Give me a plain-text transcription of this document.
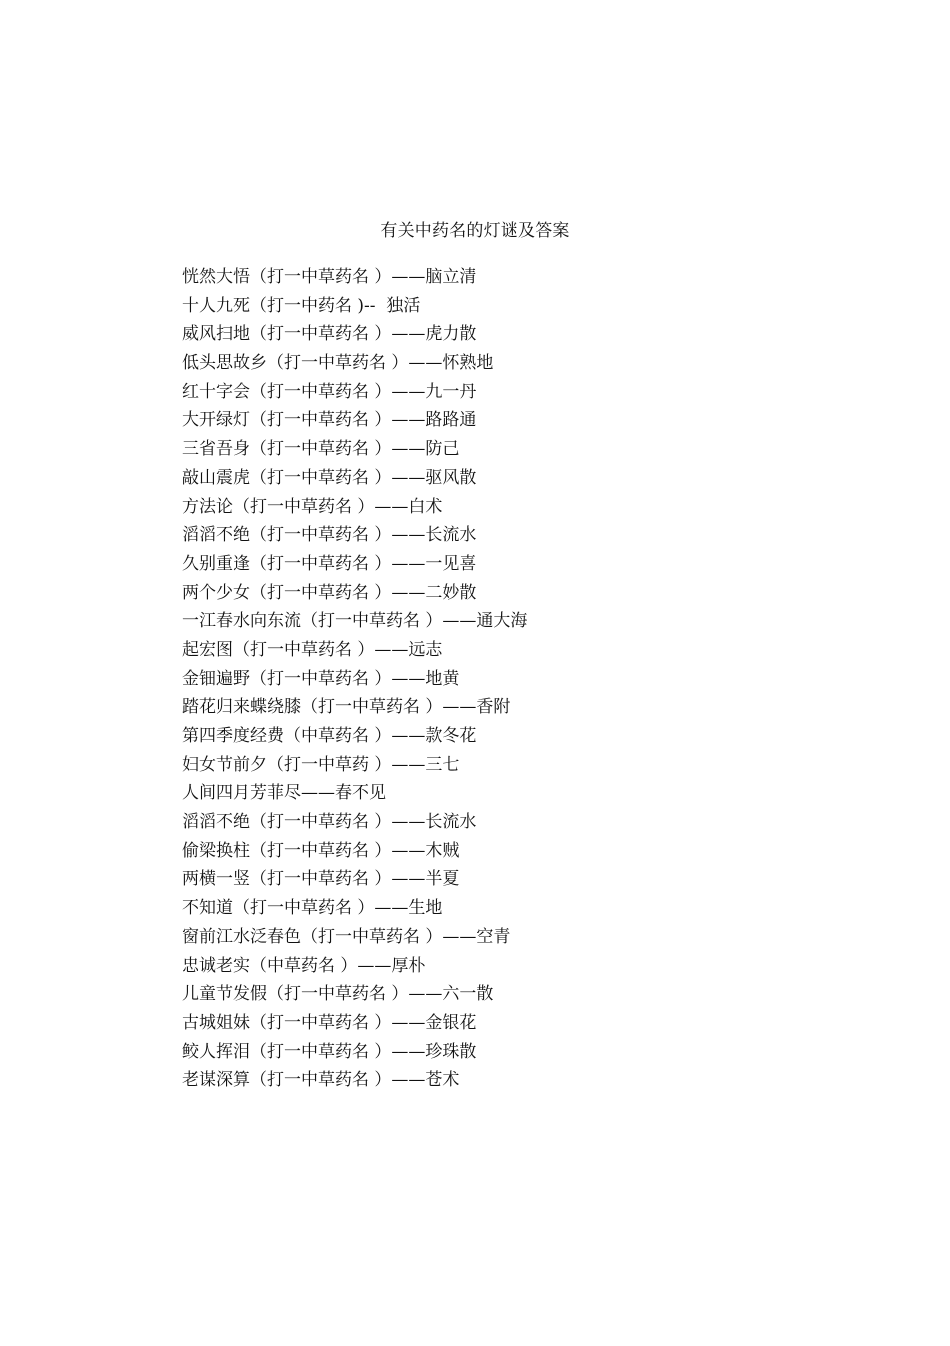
有关中药名的灯谜及答案
恍然大悟（打一中草药名 ）——脑立清
十人九死（打一中药名 )--  独活
威风扫地（打一中草药名 ）——虎力散
低头思故乡（打一中草药名 ）——怀熟地
红十字会（打一中草药名 ）——九一丹
大开绿灯（打一中草药名 ）——路路通
三省吾身（打一中草药名 ）——防己
敲山震虎（打一中草药名 ）——驱风散
方法论（打一中草药名 ）——白术
滔滔不绝（打一中草药名 ）——长流水
久别重逢（打一中草药名 ）——一见喜
两个少女（打一中草药名 ）——二妙散
一江春水向东流（打一中草药名 ）——通大海
起宏图（打一中草药名 ）——远志
金钿遍野（打一中草药名 ）——地黄
踏花归来蝶绕膝（打一中草药名 ）——香附
第四季度经费（中草药名 ）——款冬花
妇女节前夕（打一中草药 ）——三七
人间四月芳菲尽——春不见
滔滔不绝（打一中草药名 ）——长流水
偷梁换柱（打一中草药名 ）——木贼
两横一竖（打一中草药名 ）——半夏
不知道（打一中草药名 ）——生地
窗前江水泛春色（打一中草药名 ）——空青
忠诚老实（中草药名 ）——厚朴
儿童节发假（打一中草药名 ）——六一散
古城姐妹（打一中草药名 ）——金银花
鲛人挥泪（打一中草药名 ）——珍珠散
老谋深算（打一中草药名 ）——苍术
